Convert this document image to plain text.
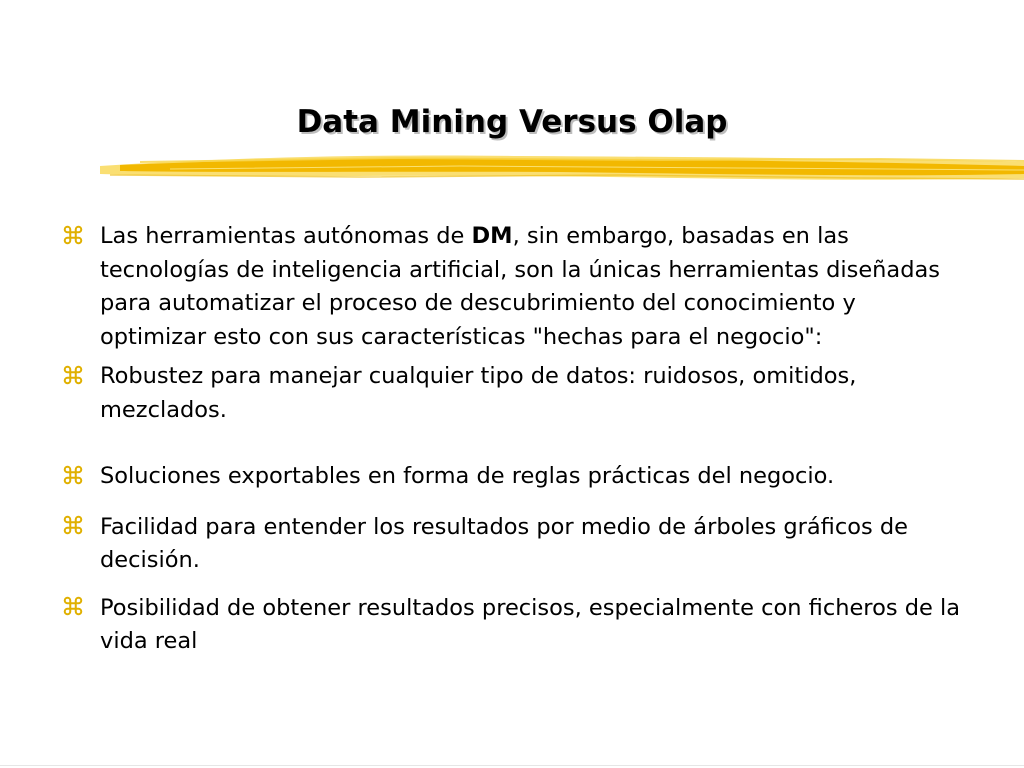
Data Mining Versus Olap
Las herramientas autónomas de DM, sin embargo, basadas en las tecnologías de inteligencia artificial, son la únicas herramientas diseñadas para automatizar el proceso de descubrimiento del conocimiento y optimizar esto con sus características "hechas para el negocio":
Robustez para manejar cualquier tipo de datos: ruidosos, omitidos, mezclados.
Soluciones exportables en forma de reglas prácticas del negocio.
Facilidad para entender los resultados por medio de árboles gráficos de decisión.
Posibilidad de obtener resultados precisos, especialmente con ficheros de la vida real
